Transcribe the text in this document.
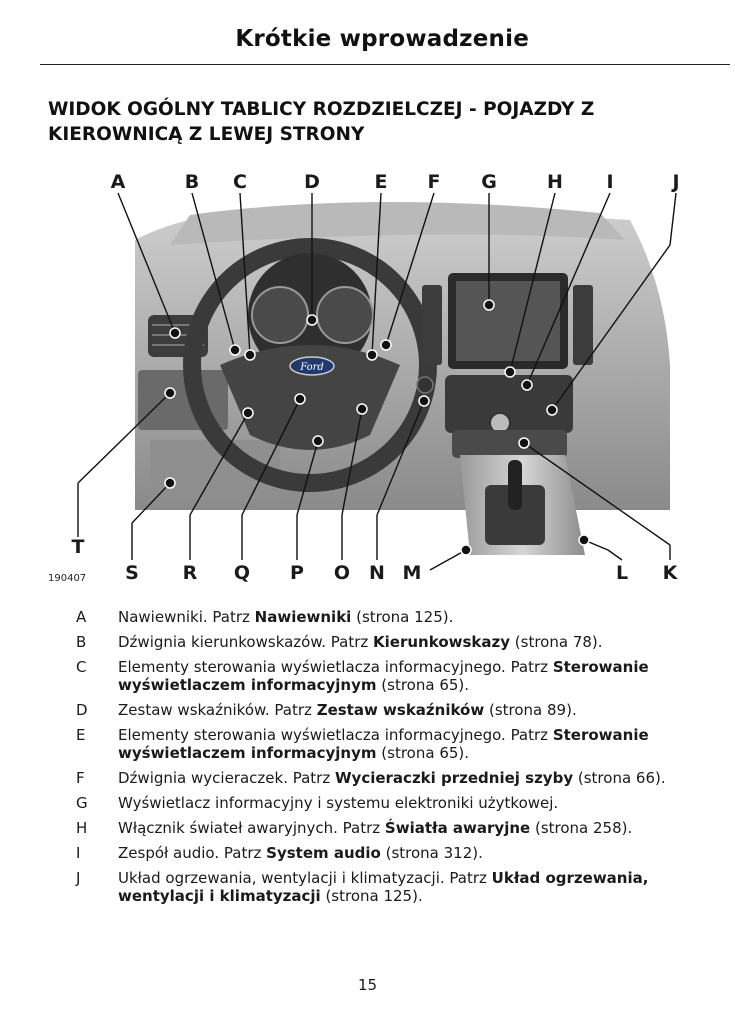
Krótkie wprowadzenie
WIDOK OGÓLNY TABLICY ROZDZIELCZEJ - POJAZDY Z KIEROWNICĄ Z LEWEJ STRONY
Ford
A	B C	D	E F G	H I	J
T
S R Q P O N M	L K
190407
A	Nawiewniki. Patrz Nawiewniki (strona 125).
B	Dźwignia kierunkowskazów. Patrz Kierunkowskazy (strona 78).
C	Elementy sterowania wyświetlacza informacyjnego. Patrz Sterowanie wyświetlaczem informacyjnym (strona 65).
D	Zestaw wskaźników. Patrz Zestaw wskaźników (strona 89).
E	Elementy sterowania wyświetlacza informacyjnego. Patrz Sterowanie wyświetlaczem informacyjnym (strona 65).
F	Dźwignia wycieraczek. Patrz Wycieraczki przedniej szyby (strona 66).
G	Wyświetlacz informacyjny i systemu elektroniki użytkowej.
H	Włącznik świateł awaryjnych. Patrz Światła awaryjne (strona 258).
I	Zespół audio. Patrz System audio (strona 312).
J	Układ ogrzewania, wentylacji i klimatyzacji. Patrz Układ ogrzewania, wentylacji i klimatyzacji (strona 125).
15
